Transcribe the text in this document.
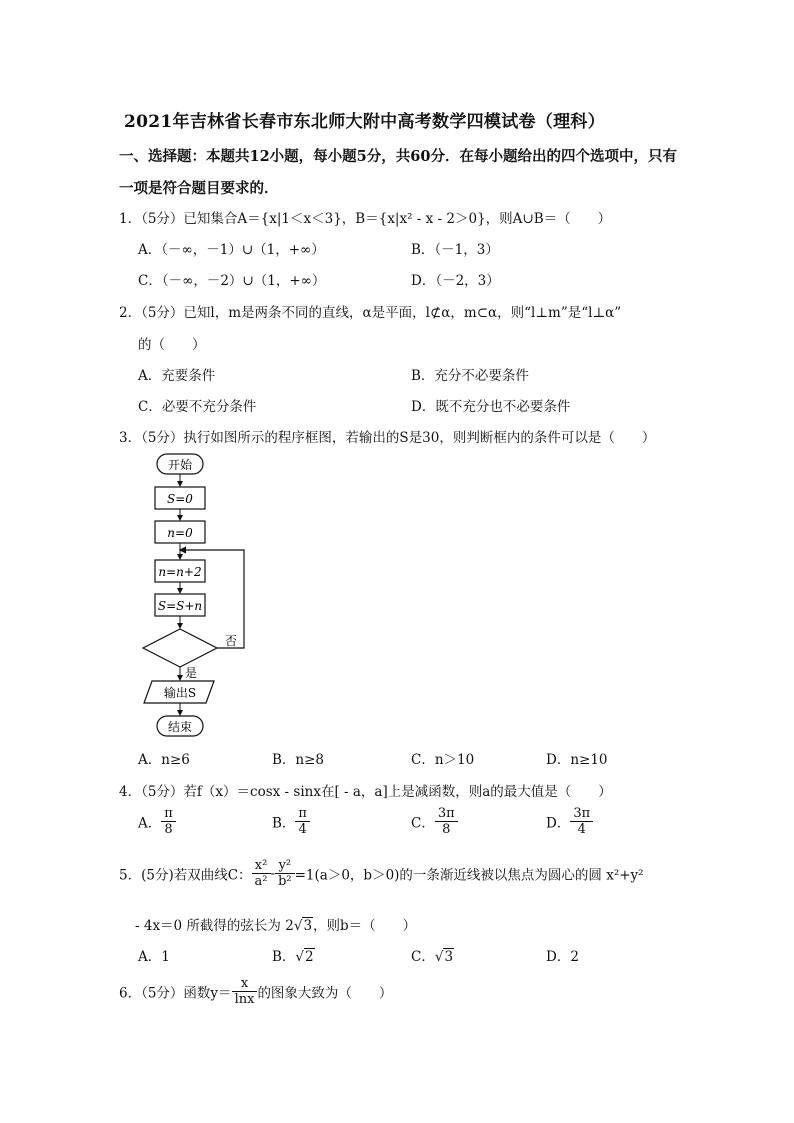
2021年吉林省长春市东北师大附中高考数学四模试卷（理科）
一、选择题：本题共12小题，每小题5分，共60分．在每小题给出的四个选项中，只有
一项是符合题目要求的．
1．（5分）已知集合A＝{x|1＜x＜3}，B＝{x|x² - x - 2＞0}，则A∪B＝（　　）
A．（－∞，－1）∪（1，+∞）	B．（－1，3）
C．（－∞，－2）∪（1，+∞）	D．（－2，3）
2．（5分）已知l，m是两条不同的直线，α是平面，l⊄α，m⊂α，则“l⊥m”是“l⊥α”
的（　　）
A．充要条件	B．充分不必要条件
C．必要不充分条件	D．既不充分也不必要条件
3．（5分）执行如图所示的程序框图，若输出的S是30，则判断框内的条件可以是（　　）
开始
S=0
n=0
n=n+2
S=S+n
否
是
输出S
结束
A．n≥6	B．n≥8	C．n＞10	D．n≥10
4．（5分）若f（x）＝cosx - sinx在[ - a，a]上是减函数，则a的最大值是（　　）
A． $\frac{\pi}{8}$	B． $\frac{\pi}{4}$	C． $\frac{3\pi}{8}$	D． $\frac{3\pi}{4}$
5．(5分)若双曲线C： $\frac{\text{x²}}{\text{a²}} - \frac{\text{y²}}{\text{b²}} =1(a>0$，b＞0)的一条渐近线被以焦点为圆心的圆 x²+y²
- 4x＝0 所截得的弦长为 2√3，则b＝（　　）
A．1	B．√2	C．√3	D．2
6．（5分）函数$y= \frac{x}{\ln x}$ 的图象大致为（　　）
